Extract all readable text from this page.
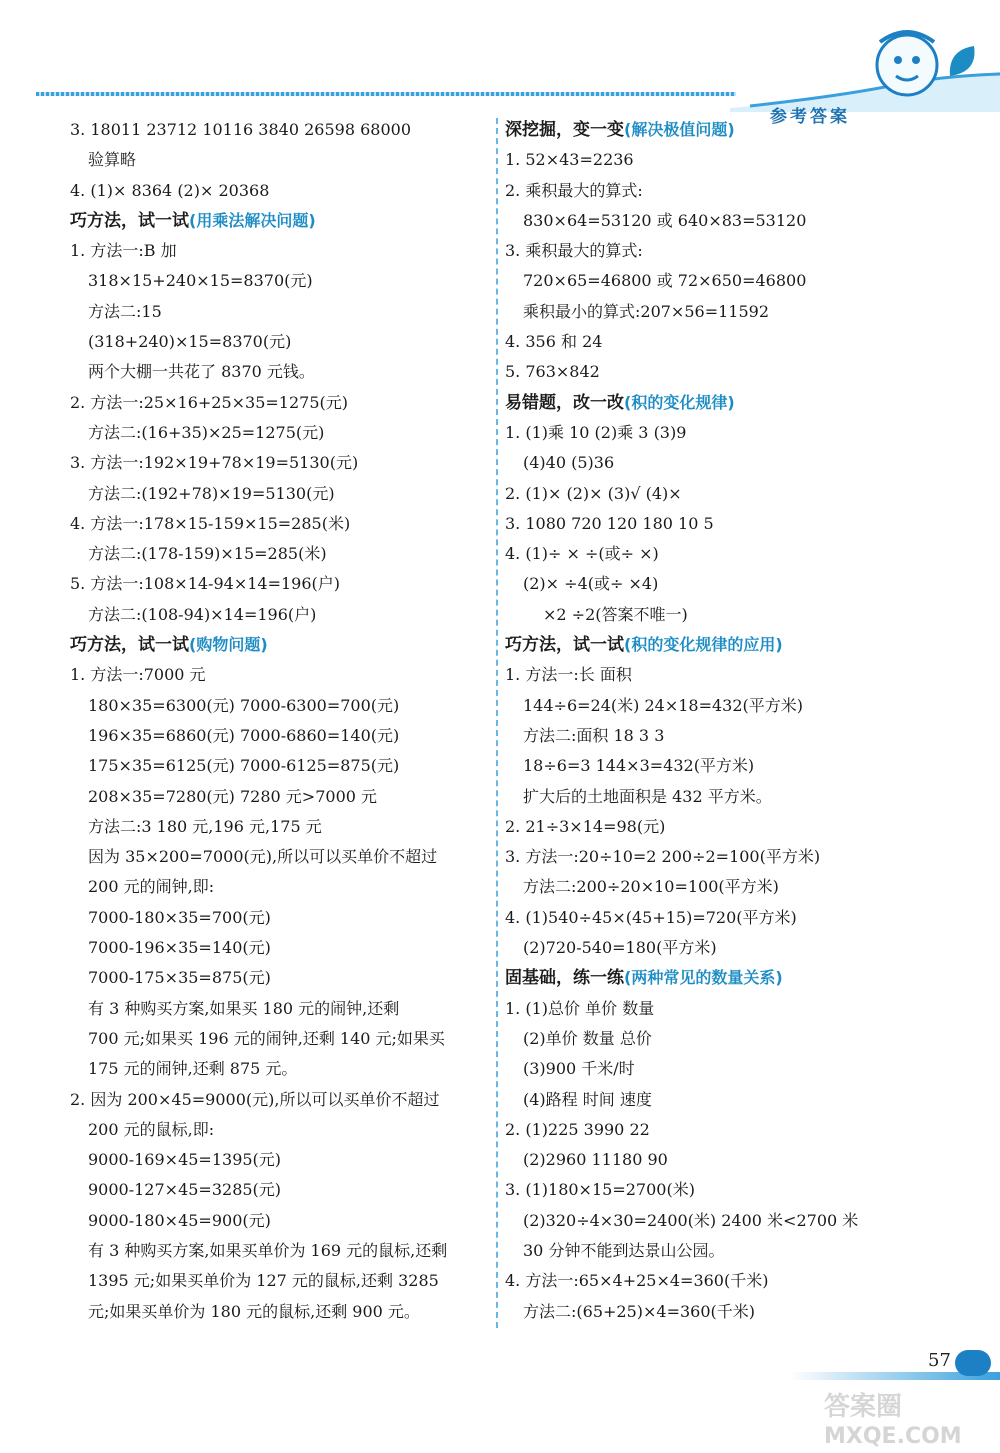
参考答案
3. 18011 23712 10116 3840 26598 68000
验算略
4. (1)× 8364 (2)× 20368
巧方法，试一试(用乘法解决问题)
1. 方法一:B 加
318×15+240×15=8370(元)
方法二:15
(318+240)×15=8370(元)
两个大棚一共花了 8370 元钱。
2. 方法一:25×16+25×35=1275(元)
方法二:(16+35)×25=1275(元)
3. 方法一:192×19+78×19=5130(元)
方法二:(192+78)×19=5130(元)
4. 方法一:178×15-159×15=285(米)
方法二:(178-159)×15=285(米)
5. 方法一:108×14-94×14=196(户)
方法二:(108-94)×14=196(户)
巧方法，试一试(购物问题)
1. 方法一:7000 元
180×35=6300(元) 7000-6300=700(元)
196×35=6860(元) 7000-6860=140(元)
175×35=6125(元) 7000-6125=875(元)
208×35=7280(元) 7280 元>7000 元
方法二:3 180 元,196 元,175 元
因为 35×200=7000(元),所以可以买单价不超过
200 元的闹钟,即:
7000-180×35=700(元)
7000-196×35=140(元)
7000-175×35=875(元)
有 3 种购买方案,如果买 180 元的闹钟,还剩
700 元;如果买 196 元的闹钟,还剩 140 元;如果买
175 元的闹钟,还剩 875 元。
2. 因为 200×45=9000(元),所以可以买单价不超过
200 元的鼠标,即:
9000-169×45=1395(元)
9000-127×45=3285(元)
9000-180×45=900(元)
有 3 种购买方案,如果买单价为 169 元的鼠标,还剩
1395 元;如果买单价为 127 元的鼠标,还剩 3285
元;如果买单价为 180 元的鼠标,还剩 900 元。
深挖掘，变一变(解决极值问题)
1. 52×43=2236
2. 乘积最大的算式:
830×64=53120 或 640×83=53120
3. 乘积最大的算式:
720×65=46800 或 72×650=46800
乘积最小的算式:207×56=11592
4. 356 和 24
5. 763×842
易错题，改一改(积的变化规律)
1. (1)乘 10 (2)乘 3 (3)9
(4)40 (5)36
2. (1)× (2)× (3)√ (4)×
3. 1080 720 120 180 10 5
4. (1)÷ × ÷(或÷ ×)
(2)× ÷4(或÷ ×4)
×2 ÷2(答案不唯一)
巧方法，试一试(积的变化规律的应用)
1. 方法一:长 面积
144÷6=24(米) 24×18=432(平方米)
方法二:面积 18 3 3
18÷6=3 144×3=432(平方米)
扩大后的土地面积是 432 平方米。
2. 21÷3×14=98(元)
3. 方法一:20÷10=2 200÷2=100(平方米)
方法二:200÷20×10=100(平方米)
4. (1)540÷45×(45+15)=720(平方米)
(2)720-540=180(平方米)
固基础，练一练(两种常见的数量关系)
1. (1)总价 单价 数量
(2)单价 数量 总价
(3)900 千米/时
(4)路程 时间 速度
2. (1)225 3990 22
(2)2960 11180 90
3. (1)180×15=2700(米)
(2)320÷4×30=2400(米) 2400 米<2700 米
30 分钟不能到达景山公园。
4. 方法一:65×4+25×4=360(千米)
方法二:(65+25)×4=360(千米)
57
答案圈
MXQE.COM
